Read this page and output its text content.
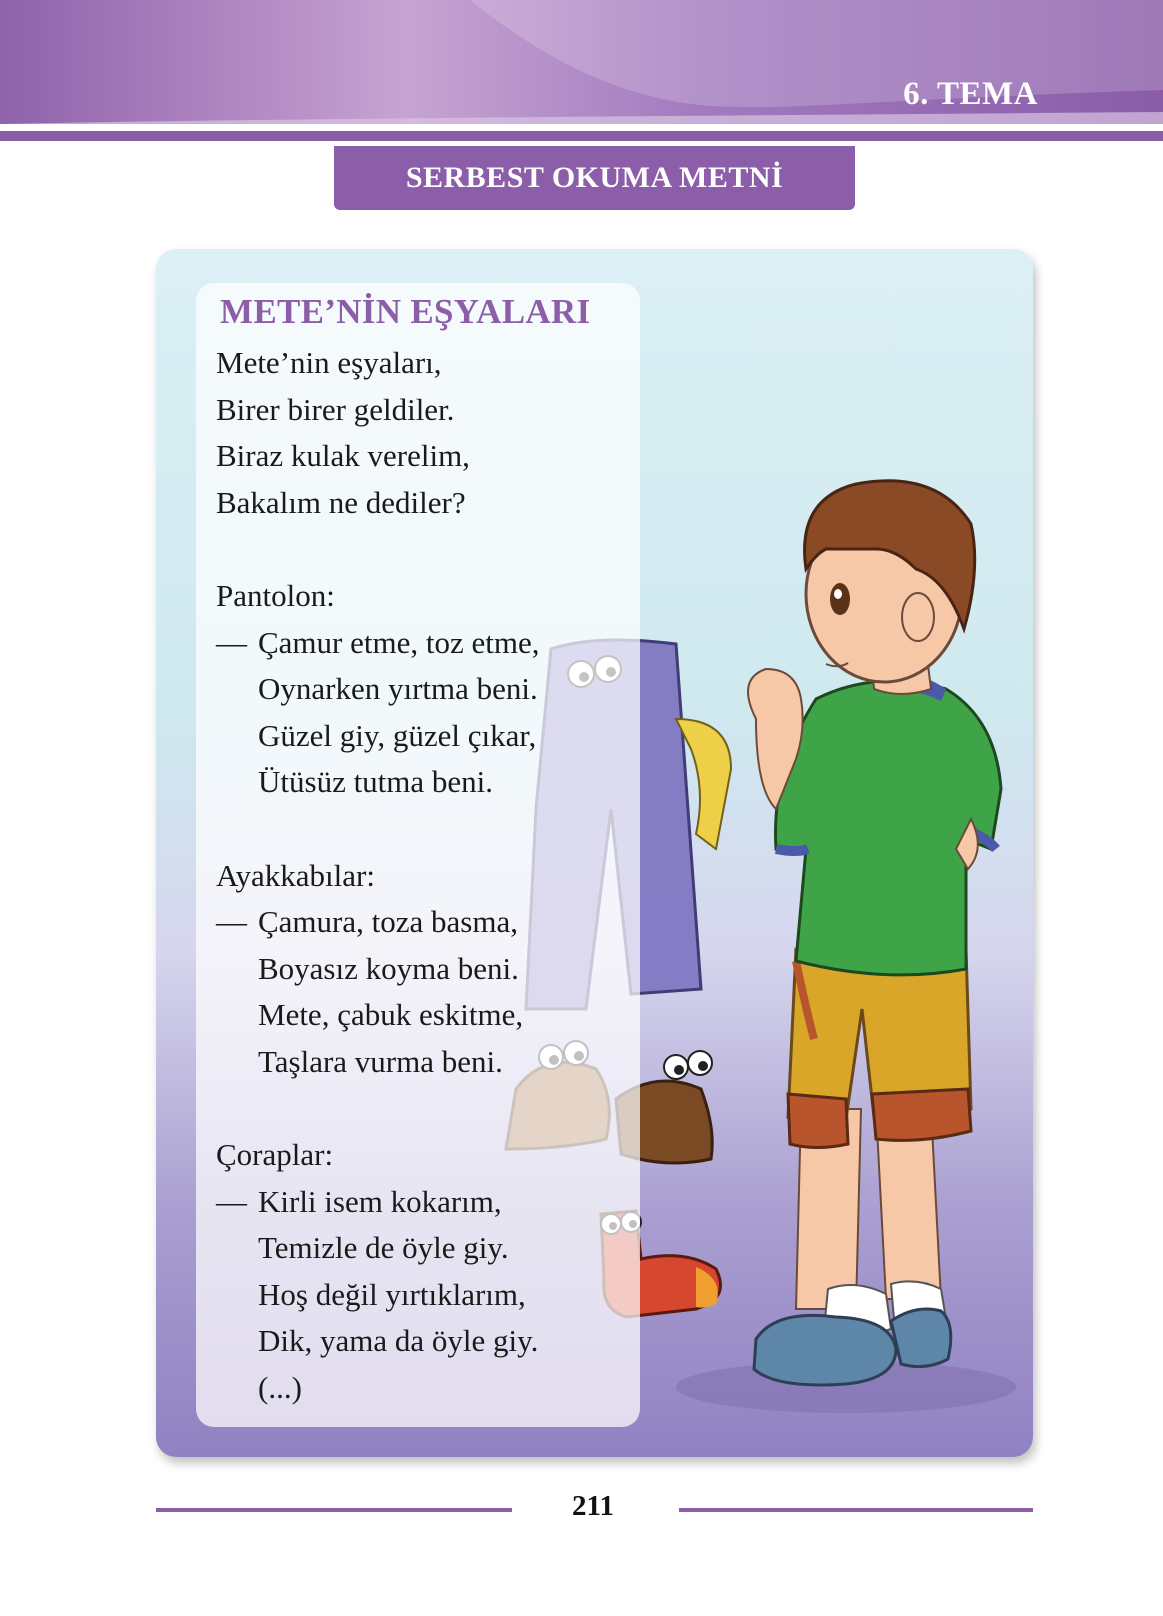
6. TEMA
SERBEST OKUMA METNİ
METE’NİN EŞYALARI
Mete’nin eşyaları,
Birer birer geldiler.
Biraz kulak verelim,
Bakalım ne dediler?
Pantolon:
— Çamur etme, toz etme,
Oynarken yırtma beni.
Güzel giy, güzel çıkar,
Ütüsüz tutma beni.
Ayakkabılar:
— Çamura, toza basma,
Boyasız koyma beni.
Mete, çabuk eskitme,
Taşlara vurma beni.
Çoraplar:
— Kirli isem kokarım,
Temizle de öyle giy.
Hoş değil yırtıklarım,
Dik, yama da öyle giy.
(...)
211
